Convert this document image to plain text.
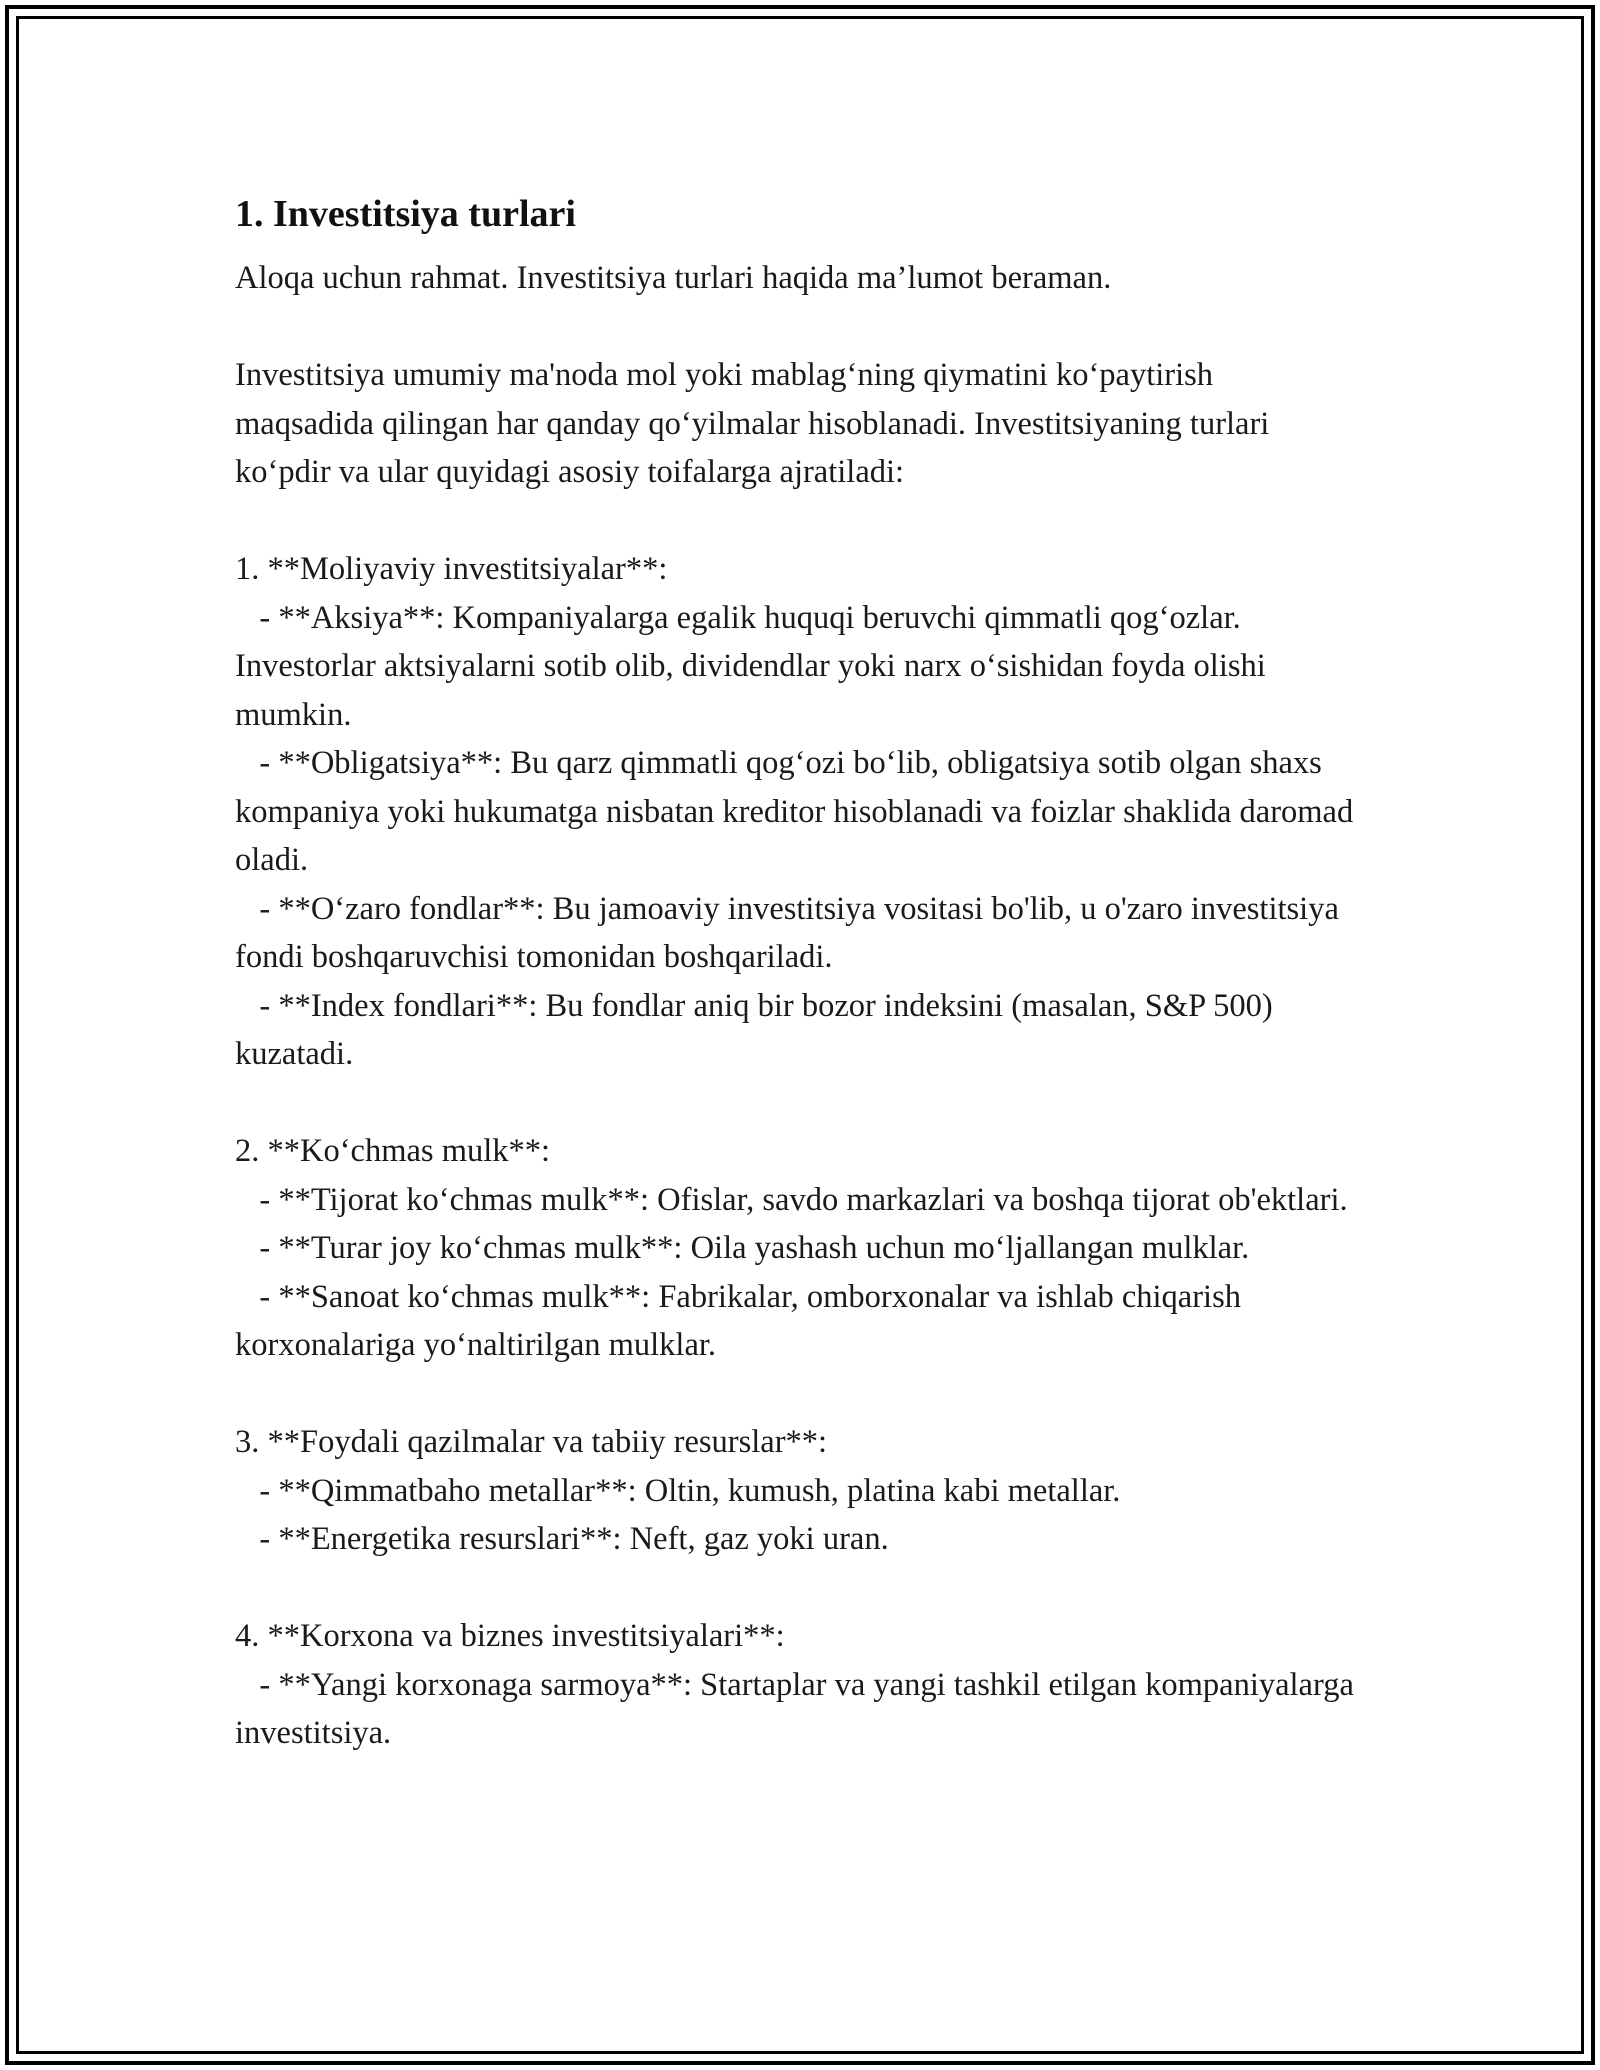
1. Investitsiya turlari

Aloqa uchun rahmat. Investitsiya turlari haqida ma’lumot beraman.

Investitsiya umumiy ma'noda mol yoki mablag‘ning qiymatini ko‘paytirish maqsadida qilingan har qanday qo‘yilmalar hisoblanadi. Investitsiyaning turlari ko‘pdir va ular quyidagi asosiy toifalarga ajratiladi:

1. **Moliyaviy investitsiyalar**:

- **Aksiya**: Kompaniyalarga egalik huquqi beruvchi qimmatli qog‘ozlar. Investorlar aktsiyalarni sotib olib, dividendlar yoki narx o‘sishidan foyda olishi mumkin.

- **Obligatsiya**: Bu qarz qimmatli qog‘ozi bo‘lib, obligatsiya sotib olgan shaxs kompaniya yoki hukumatga nisbatan kreditor hisoblanadi va foizlar shaklida daromad oladi.

- **O‘zaro fondlar**: Bu jamoaviy investitsiya vositasi bo'lib, u o'zaro investitsiya fondi boshqaruvchisi tomonidan boshqariladi.

- **Index fondlari**: Bu fondlar aniq bir bozor indeksini (masalan, S&P 500) kuzatadi.

2. **Ko‘chmas mulk**:

- **Tijorat ko‘chmas mulk**: Ofislar, savdo markazlari va boshqa tijorat ob'ektlari.

- **Turar joy ko‘chmas mulk**: Oila yashash uchun mo‘ljallangan mulklar.

- **Sanoat ko‘chmas mulk**: Fabrikalar, omborxonalar va ishlab chiqarish korxonalariga yo‘naltirilgan mulklar.

3. **Foydali qazilmalar va tabiiy resurslar**:

- **Qimmatbaho metallar**: Oltin, kumush, platina kabi metallar.

- **Energetika resurslari**: Neft, gaz yoki uran.

4. **Korxona va biznes investitsiyalari**:

- **Yangi korxonaga sarmoya**: Startaplar va yangi tashkil etilgan kompaniyalarga investitsiya.
